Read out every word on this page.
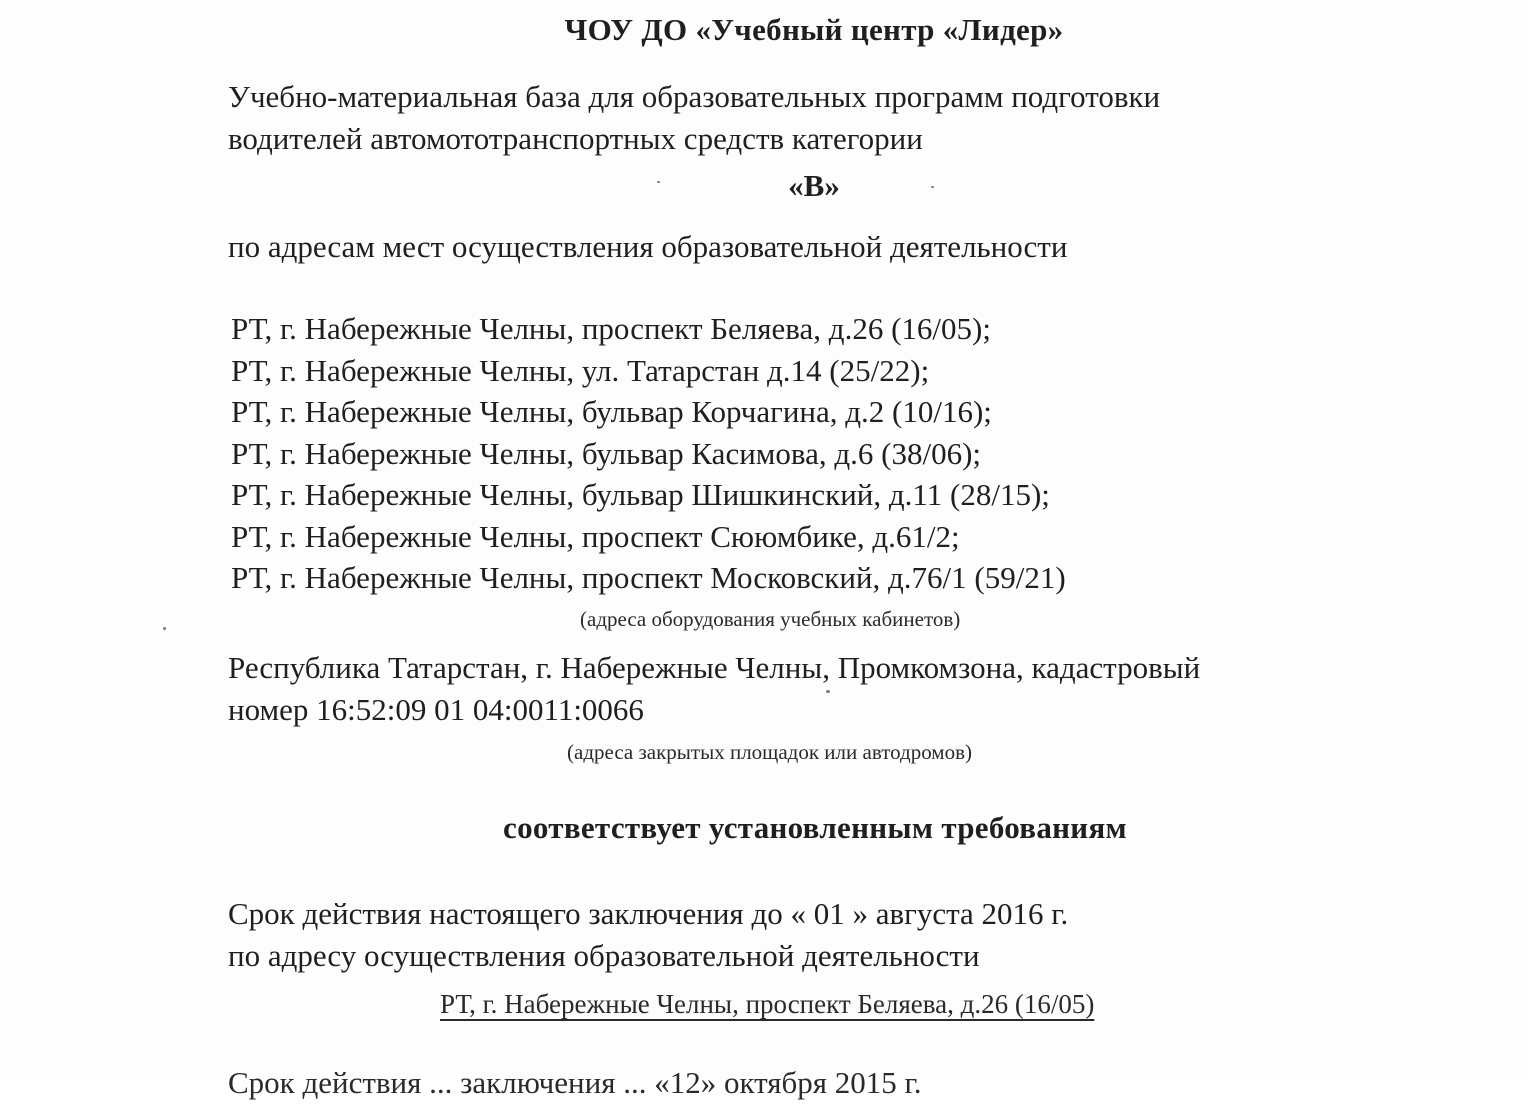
ЧОУ ДО «Учебный центр «Лидер»
Учебно-материальная база для образовательных программ подготовки
водителей автомототранспортных средств категории
«В»
по адресам мест осуществления образовательной деятельности
РТ, г. Набережные Челны, проспект Беляева, д.26 (16/05);
РТ, г. Набережные Челны, ул. Татарстан д.14 (25/22);
РТ, г. Набережные Челны, бульвар Корчагина, д.2 (10/16);
РТ, г. Набережные Челны, бульвар Касимова, д.6 (38/06);
РТ, г. Набережные Челны, бульвар Шишкинский, д.11 (28/15);
РТ, г. Набережные Челны, проспект Сююмбике, д.61/2;
РТ, г. Набережные Челны, проспект Московский, д.76/1 (59/21)
(адреса оборудования учебных кабинетов)
Республика Татарстан, г. Набережные Челны, Промкомзона, кадастровый
номер 16:52:09 01 04:0011:0066
(адреса закрытых площадок или автодромов)
соответствует установленным требованиям
Срок действия настоящего заключения до « 01 » августа 2016 г.
по адресу осуществления образовательной деятельности
РТ, г. Набережные Челны, проспект Беляева, д.26 (16/05)
Срок действия ... заключения ... «12» октября 2015 г.
